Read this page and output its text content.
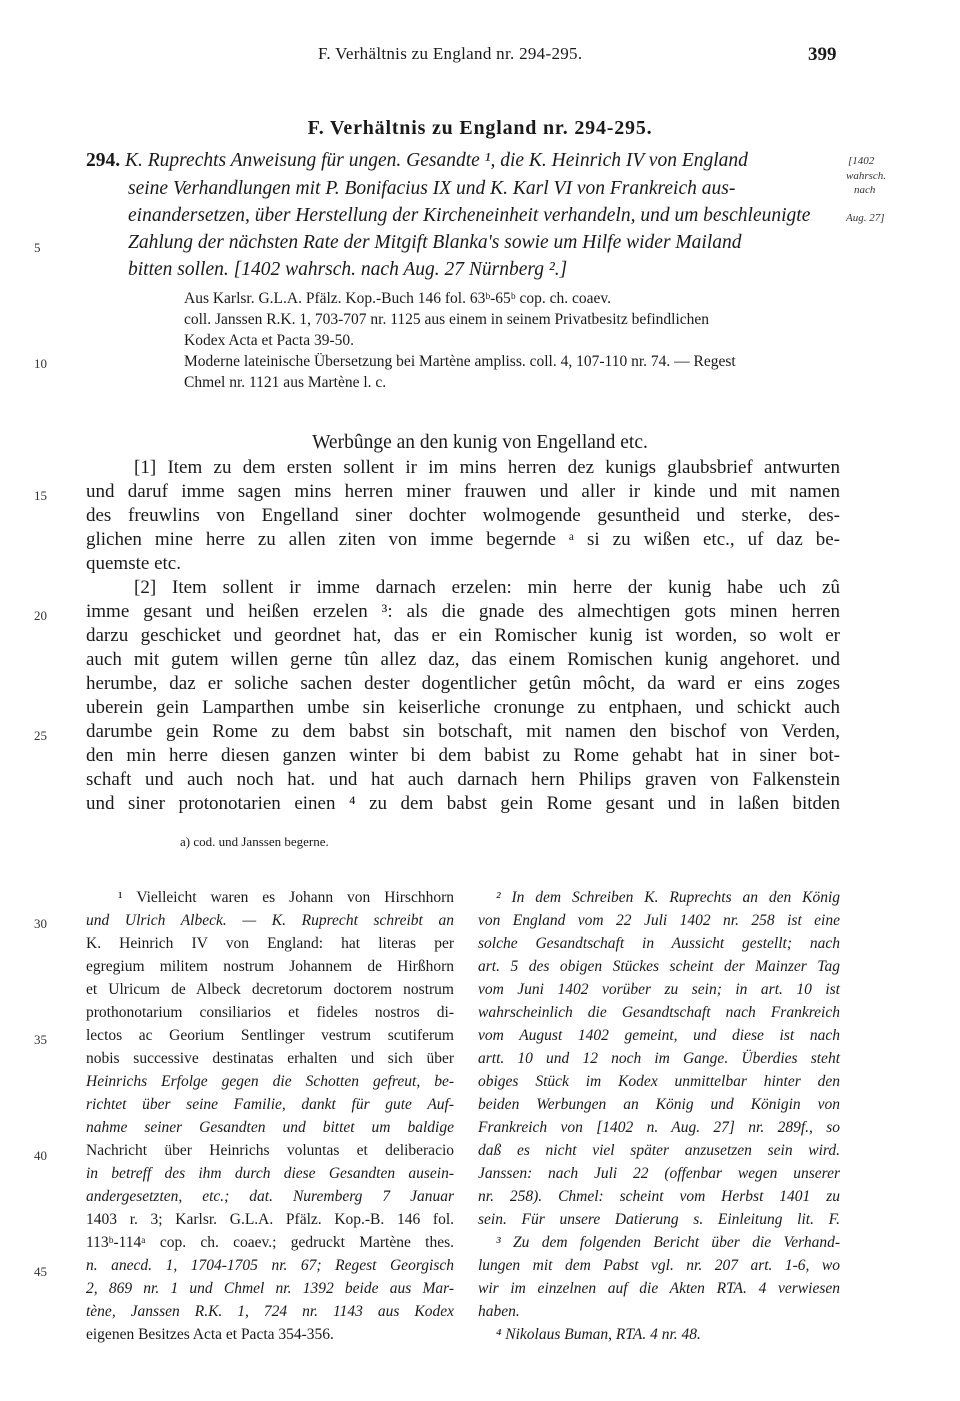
F. Verhältnis zu England nr. 294-295.	399
F. Verhältnis zu England nr. 294-295.
294. K. Ruprechts Anweisung für ungen. Gesandte ¹, die K. Heinrich IV von England
seine Verhandlungen mit P. Bonifacius IX und K. Karl VI von Frankreich aus-
einandersetzen, über Herstellung der Kircheneinheit verhandeln, und um beschleunigte
Zahlung der nächsten Rate der Mitgift Blanka's sowie um Hilfe wider Mailand
bitten sollen. [1402 wahrsch. nach Aug. 27 Nürnberg ².]
[1402
wahrsch.
nach
Aug. 27]
Aus Karlsr. G.L.A. Pfälz. Kop.-Buch 146 fol. 63ᵇ-65ᵇ cop. ch. coaev.
coll. Janssen R.K. 1, 703-707 nr. 1125 aus einem in seinem Privatbesitz befindlichen
Kodex Acta et Pacta 39-50.
Moderne lateinische Übersetzung bei Martène ampliss. coll. 4, 107-110 nr. 74. — Regest
Chmel nr. 1121 aus Martène l. c.
Werbûnge an den kunig von Engelland etc.
[1] Item zu dem ersten sollent ir im mins herren dez kunigs glaubsbrief antwurten
und daruf imme sagen mins herren miner frauwen und aller ir kinde und mit namen
des freuwlins von Engelland siner dochter wolmogende gesuntheid und sterke, des-
glichen mine herre zu allen ziten von imme begernde ᵃ si zu wißen etc., uf daz be-
quemste etc.
[2] Item sollent ir imme darnach erzelen: min herre der kunig habe uch zû
imme gesant und heißen erzelen ³: als die gnade des almechtigen gots minen herren
darzu geschicket und geordnet hat, das er ein Romischer kunig ist worden, so wolt er
auch mit gutem willen gerne tûn allez daz, das einem Romischen kunig angehoret. und
herumbe, daz er soliche sachen dester dogentlicher getûn môcht, da ward er eins zoges
uberein gein Lamparthen umbe sin keiserliche cronunge zu entphaen, und schickt auch
darumbe gein Rome zu dem babst sin botschaft, mit namen den bischof von Verden,
den min herre diesen ganzen winter bi dem babist zu Rome gehabt hat in siner bot-
schaft und auch noch hat. und hat auch darnach hern Philips graven von Falkenstein
und siner protonotarien einen ⁴ zu dem babst gein Rome gesant und in laßen bitden
a) cod. und Janssen begerne.
¹ Vielleicht waren es Johann von Hirschhorn
und Ulrich Albeck. — K. Ruprecht schreibt an
K. Heinrich IV von England: hat literas per
egregium militem nostrum Johannem de Hirßhorn
et Ulricum de Albeck decretorum doctorem nostrum
prothonotarium consiliarios et fideles nostros di-
lectos ac Georium Sentlinger vestrum scutiferum
nobis successive destinatas erhalten und sich über
Heinrichs Erfolge gegen die Schotten gefreut, be-
richtet über seine Familie, dankt für gute Auf-
nahme seiner Gesandten und bittet um baldige
Nachricht über Heinrichs voluntas et deliberacio
in betreff des ihm durch diese Gesandten ausein-
andergesetzten, etc.; dat. Nuremberg 7 Januar
1403 r. 3; Karlsr. G.L.A. Pfälz. Kop.-B. 146 fol.
113ᵇ-114ᵃ cop. ch. coaev.; gedruckt Martène thes.
n. anecd. 1, 1704-1705 nr. 67; Regest Georgisch
2, 869 nr. 1 und Chmel nr. 1392 beide aus Mar-
tène, Janssen R.K. 1, 724 nr. 1143 aus Kodex
eigenen Besitzes Acta et Pacta 354-356.
² In dem Schreiben K. Ruprechts an den König
von England vom 22 Juli 1402 nr. 258 ist eine
solche Gesandtschaft in Aussicht gestellt; nach
art. 5 des obigen Stückes scheint der Mainzer Tag
vom Juni 1402 vorüber zu sein; in art. 10 ist
wahrscheinlich die Gesandtschaft nach Frankreich
vom August 1402 gemeint, und diese ist nach
artt. 10 und 12 noch im Gange. Überdies steht
obiges Stück im Kodex unmittelbar hinter den
beiden Werbungen an König und Königin von
Frankreich von [1402 n. Aug. 27] nr. 289f., so
daß es nicht viel später anzusetzen sein wird.
Janssen: nach Juli 22 (offenbar wegen unserer
nr. 258). Chmel: scheint vom Herbst 1401 zu
sein. Für unsere Datierung s. Einleitung lit. F.
³ Zu dem folgenden Bericht über die Verhand-
lungen mit dem Pabst vgl. nr. 207 art. 1-6, wo
wir im einzelnen auf die Akten RTA. 4 verwiesen
haben.
⁴ Nikolaus Buman, RTA. 4 nr. 48.
5
10
15
20
25
30
35
40
45
